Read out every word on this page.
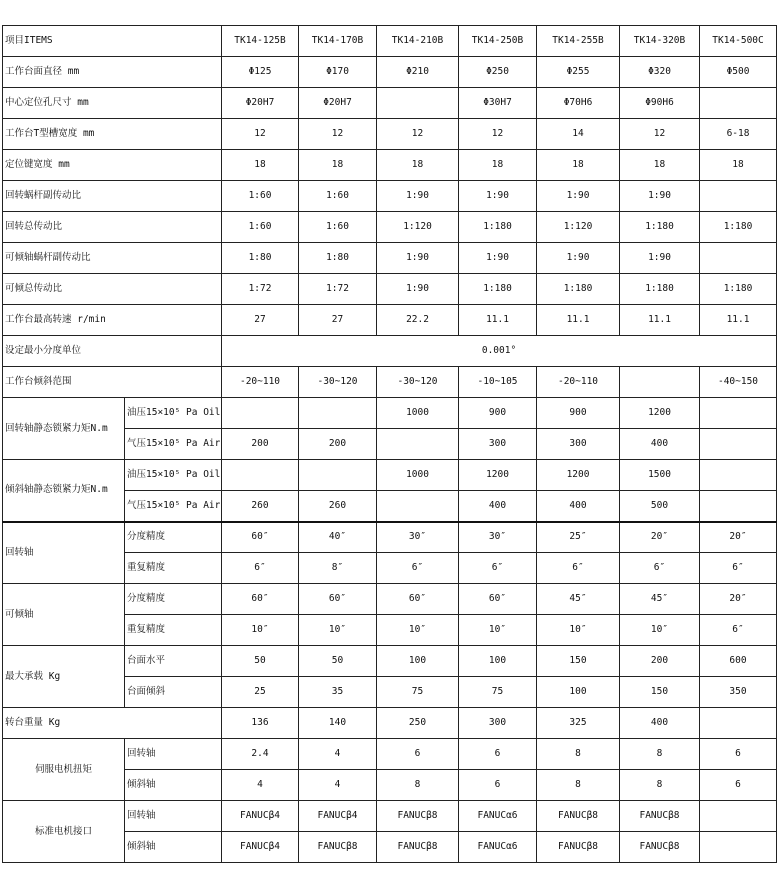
项目ITEMS		TK14-125B	TK14-170B	TK14-210B	TK14-250B	TK14-255B	TK14-320B	TK14-500C
工作台面直径 mm		Φ125	Φ170	Φ210	Φ250	Φ255	Φ320	Φ500
中心定位孔尺寸 mm		Φ20H7	Φ20H7		Φ30H7	Φ70H6	Φ90H6	
工作台T型槽宽度 mm		12	12	12	12	14	12	6-18
定位键宽度 mm		18	18	18	18	18	18	18
回转蜗杆副传动比		1:60	1:60	1:90	1:90	1:90	1:90	
回转总传动比		1:60	1:60	1:120	1:180	1:120	1:180	1:180
可倾轴蜗杆副传动比		1:80	1:80	1:90	1:90	1:90	1:90	
可倾总传动比		1:72	1:72	1:90	1:180	1:180	1:180	1:180
工作台最高转速 r/min		27	27	22.2	11.1	11.1	11.1	11.1
设定最小分度单位		0.001°						
工作台倾斜范围		-20~110	-30~120	-30~120	-10~105	-20~110		-40~150
回转轴静态锁紧力矩N.m	油压15×10⁵ Pa Oil			1000	900	900	1200	
	气压15×10⁵ Pa Air	200	200		300	300	400	
倾斜轴静态锁紧力矩N.m	油压15×10⁵ Pa Oil			1000	1200	1200	1500	
	气压15×10⁵ Pa Air	260	260		400	400	500	
回转轴	分度精度	60″	40″	30″	30″	25″	20″	20″
	重复精度	6″	8″	6″	6″	6″	6″	6″
可倾轴	分度精度	60″	60″	60″	60″	45″	45″	20″
	重复精度	10″	10″	10″	10″	10″	10″	6″
最大承载 Kg	台面水平	50	50	100	100	150	200	600
	台面倾斜	25	35	75	75	100	150	350
转台重量 Kg		136	140	250	300	325	400	
伺服电机扭矩	回转轴	2.4	4	6	6	8	8	6
	倾斜轴	4	4	8	6	8	8	6
标准电机接口	回转轴	FANUCβ4	FANUCβ4	FANUCβ8	FANUCα6	FANUCβ8	FANUCβ8	
	倾斜轴	FANUCβ4	FANUCβ8	FANUCβ8	FANUCα6	FANUCβ8	FANUCβ8	
